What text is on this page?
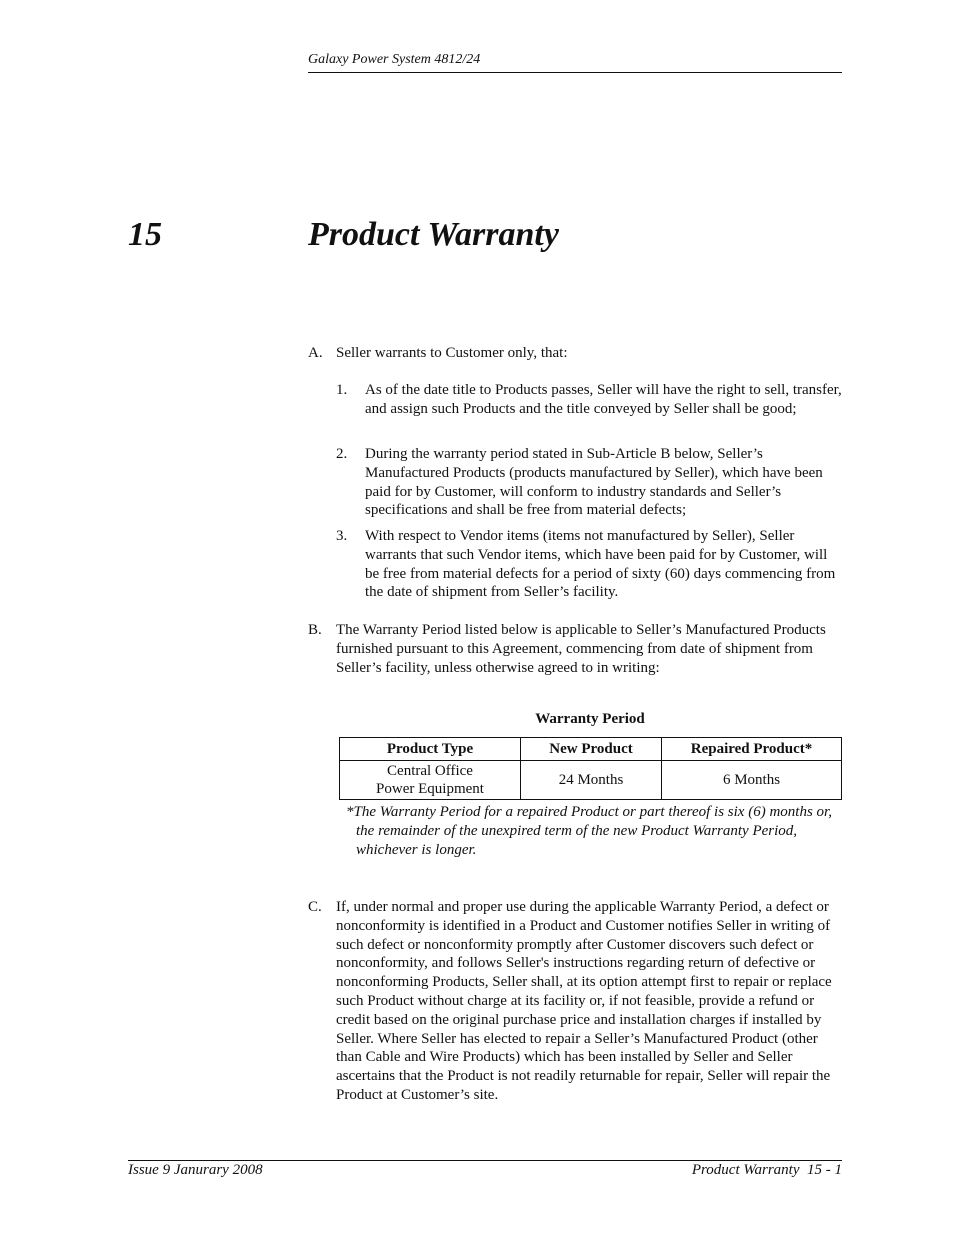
Galaxy Power System 4812/24
15	Product Warranty
A. Seller warrants to Customer only, that:
1. As of the date title to Products passes, Seller will have the right to sell, transfer, and assign such Products and the title conveyed by Seller shall be good;
2. During the warranty period stated in Sub-Article B below, Seller’s Manufactured Products (products manufactured by Seller), which have been paid for by Customer, will conform to industry standards and Seller’s specifications and shall be free from material defects;
3. With respect to Vendor items (items not manufactured by Seller), Seller warrants that such Vendor items, which have been paid for by Customer, will be free from material defects for a period of sixty (60) days commencing from the date of shipment from Seller’s facility.
B. The Warranty Period listed below is applicable to Seller’s Manufactured Products furnished pursuant to this Agreement, commencing from date of shipment from Seller’s facility, unless otherwise agreed to in writing:
Warranty Period
Product Type	New Product	Repaired Product*
Central Office
Power Equipment	24 Months	6 Months
*The Warranty Period for a repaired Product or part thereof is six (6) months or, the remainder of the unexpired term of the new Product Warranty Period, whichever is longer.
C. If, under normal and proper use during the applicable Warranty Period, a defect or nonconformity is identified in a Product and Customer notifies Seller in writing of such defect or nonconformity promptly after Customer discovers such defect or nonconformity, and follows Seller's instructions regarding return of defective or nonconforming Products, Seller shall, at its option attempt first to repair or replace such Product without charge at its facility or, if not feasible, provide a refund or credit based on the original purchase price and installation charges if installed by Seller. Where Seller has elected to repair a Seller’s Manufactured Product (other than Cable and Wire Products) which has been installed by Seller and Seller ascertains that the Product is not readily returnable for repair, Seller will repair the Product at Customer’s site.
Issue 9 Janurary 2008	Product Warranty  15 - 1
